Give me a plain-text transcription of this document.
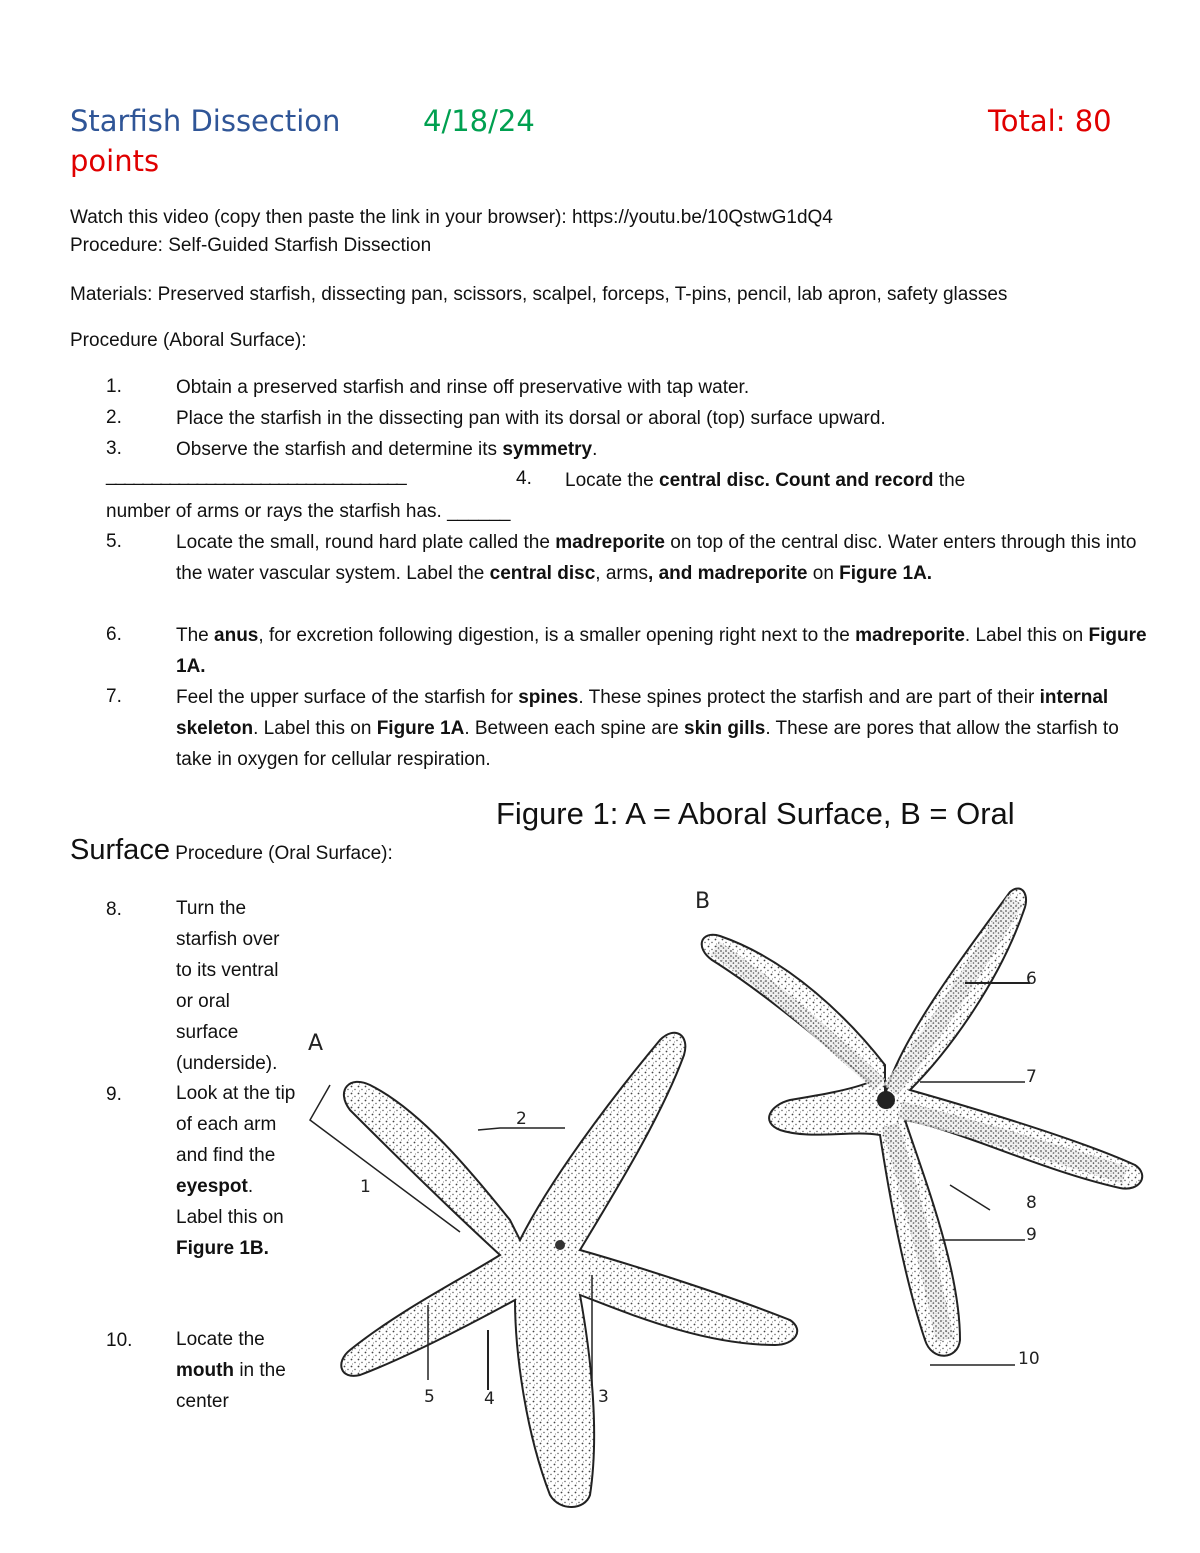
Starfish Dissection	4/18/24	Total: 80
points
Watch this video (copy then paste the link in your browser): https://youtu.be/10QstwG1dQ4
Procedure: Self-Guided Starfish Dissection
Materials: Preserved starfish, dissecting pan, scissors, scalpel, forceps, T-pins, pencil, lab apron, safety glasses
Procedure (Aboral Surface):
1.	Obtain a preserved starfish and rinse off preservative with tap water.
2.	Place the starfish in the dissecting pan with its dorsal or aboral (top) surface upward.
3.	Observe the starfish and determine its symmetry.
_________________________________	4. Locate the central disc. Count and record the
number of arms or rays the starfish has. ______
5.	Locate the small, round hard plate called the madreporite on top of the central disc. Water enters through this into the water vascular system. Label the central disc, arms, and madreporite on Figure 1A.
6.	The anus, for excretion following digestion, is a smaller opening right next to the madreporite. Label this on Figure 1A.
7.	Feel the upper surface of the starfish for spines. These spines protect the starfish and are part of their internal skeleton. Label this on Figure 1A. Between each spine are skin gills. These are pores that allow the starfish to take in oxygen for cellular respiration.
Figure 1: A = Aboral Surface, B = Oral
Surface Procedure (Oral Surface):
8.	Turn the starfish over to its ventral or oral surface (underside).
9.	Look at the tip of each arm and find the eyespot. Label this on Figure 1B.
10. Locate the mouth in the center
B
A
1
2
3
4
5
6
7
8
9
10
